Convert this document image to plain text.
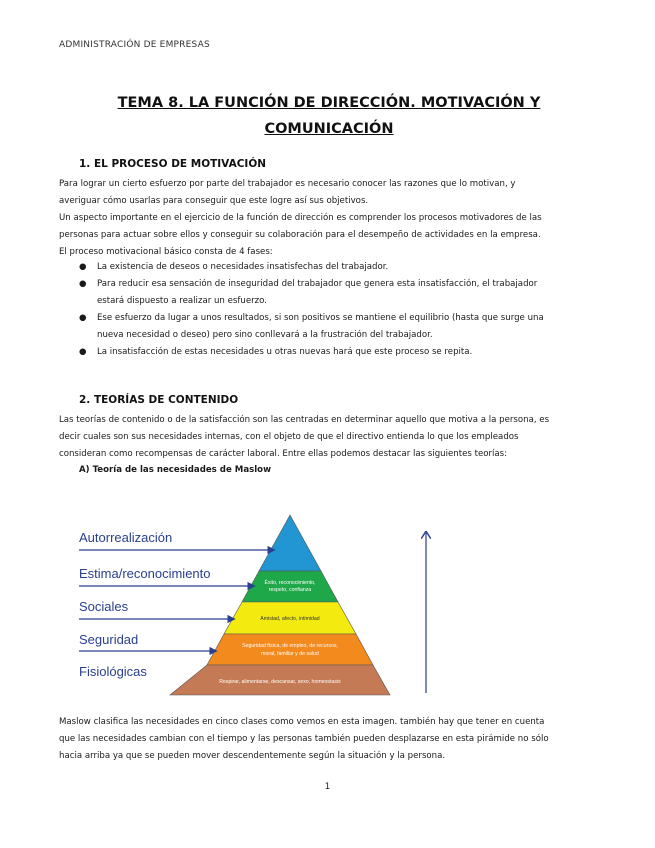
ADMINISTRACIÓN DE EMPRESAS
TEMA 8. LA FUNCIÓN DE DIRECCIÓN. MOTIVACIÓN Y
COMUNICACIÓN
1. EL PROCESO DE MOTIVACIÓN
Para lograr un cierto esfuerzo por parte del trabajador es necesario conocer las razones que lo motivan, y
averiguar cómo usarlas para conseguir que este logre así sus objetivos.
Un aspecto importante en el ejercicio de la función de dirección es comprender los procesos motivadores de las
personas para actuar sobre ellos y conseguir su colaboración para el desempeño de actividades en la empresa.
El proceso motivacional básico consta de 4 fases:
● La existencia de deseos o necesidades insatisfechas del trabajador.
● Para reducir esa sensación de inseguridad del trabajador que genera esta insatisfacción, el trabajador
estará dispuesto a realizar un esfuerzo.
● Ese esfuerzo da lugar a unos resultados, si son positivos se mantiene el equilibrio (hasta que surge una
nueva necesidad o deseo) pero sino conllevará a la frustración del trabajador.
● La insatisfacción de estas necesidades u otras nuevas hará que este proceso se repita.
2. TEORÍAS DE CONTENIDO
Las teorías de contenido o de la satisfacción son las centradas en determinar aquello que motiva a la persona, es
decir cuales son sus necesidades internas, con el objeto de que el directivo entienda lo que los empleados
consideran como recompensas de carácter laboral. Entre ellas podemos destacar las siguientes teorías:
A) Teoría de las necesidades de Maslow
Éxito, reconocimiento,
respeto, confianza
Amistad, afecto, intimidad
Seguridad física, de empleo, de recursos,
moral, familiar y de salud
Respirar, alimentarse, descansar, sexo, homeostasis
Autorrealización
Estima/reconocimiento
Sociales
Seguridad
Fisiológicas
Maslow clasifica las necesidades en cinco clases como vemos en esta imagen. también hay que tener en cuenta
que las necesidades cambian con el tiempo y las personas también pueden desplazarse en esta pirámide no sólo
hacia arriba ya que se pueden mover descendentemente según la situación y la persona.
1
